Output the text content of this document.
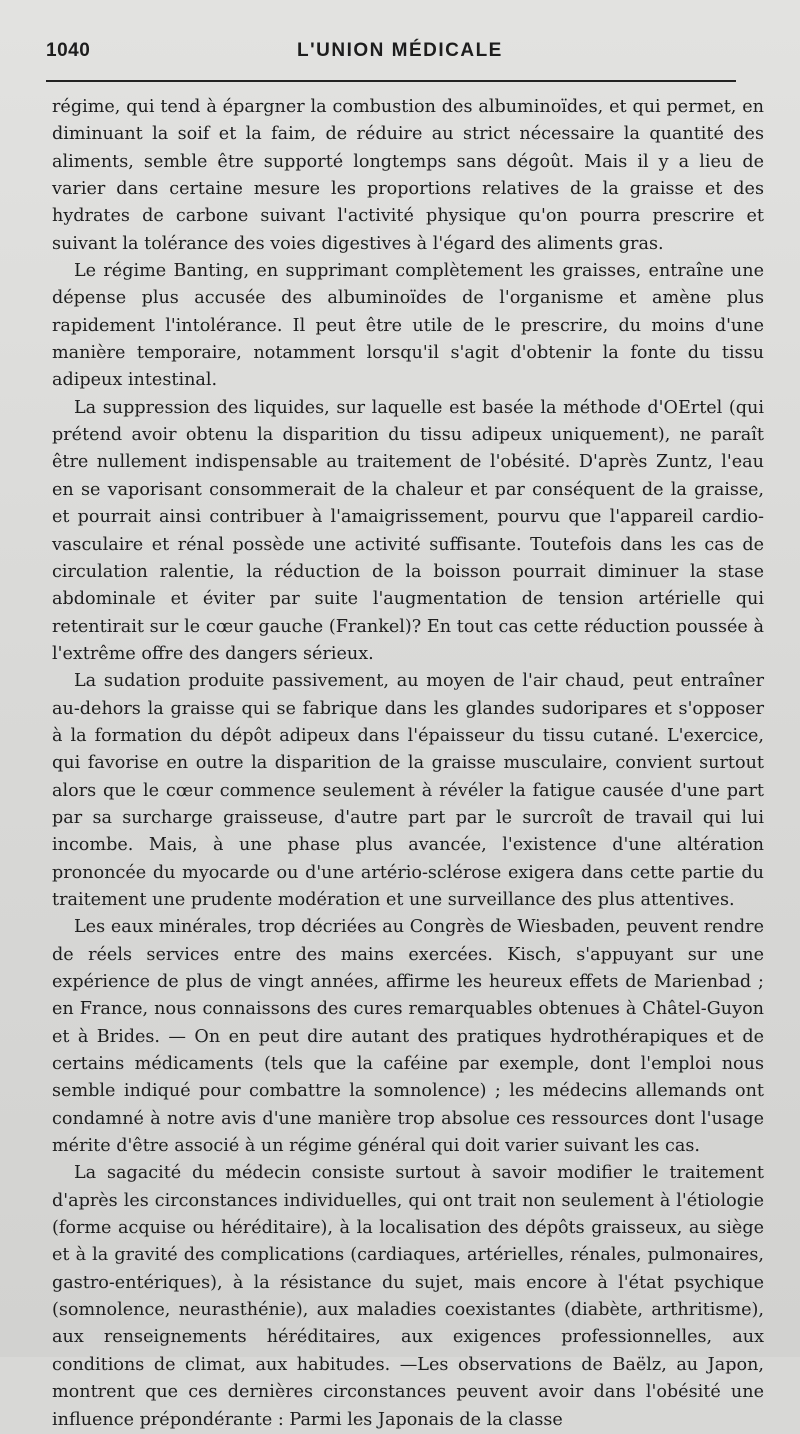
1040	L'UNION MÉDICALE

régime, qui tend à épargner la combustion des albuminoïdes, et qui permet, en diminuant la soif et la faim, de réduire au strict nécessaire la quantité des aliments, semble être supporté longtemps sans dégoût. Mais il y a lieu de varier dans certaine mesure les proportions relatives de la graisse et des hydrates de carbone suivant l'activité physique qu'on pourra prescrire et suivant la tolérance des voies digestives à l'égard des aliments gras.

Le régime Banting, en supprimant complètement les graisses, entraîne une dépense plus accusée des albuminoïdes de l'organisme et amène plus rapidement l'intolérance. Il peut être utile de le prescrire, du moins d'une manière temporaire, notamment lorsqu'il s'agit d'obtenir la fonte du tissu adipeux intestinal.

La suppression des liquides, sur laquelle est basée la méthode d'OErtel (qui prétend avoir obtenu la disparition du tissu adipeux uniquement), ne paraît être nullement indispensable au traitement de l'obésité. D'après Zuntz, l'eau en se vaporisant consommerait de la chaleur et par conséquent de la graisse, et pourrait ainsi contribuer à l'amaigrissement, pourvu que l'appareil cardio-vasculaire et rénal possède une activité suffisante. Toutefois dans les cas de circulation ralentie, la réduction de la boisson pourrait diminuer la stase abdominale et éviter par suite l'augmentation de tension artérielle qui retentirait sur le cœur gauche (Frankel)? En tout cas cette réduction poussée à l'extrême offre des dangers sérieux.

La sudation produite passivement, au moyen de l'air chaud, peut entraîner au-dehors la graisse qui se fabrique dans les glandes sudoripares et s'opposer à la formation du dépôt adipeux dans l'épaisseur du tissu cutané. L'exercice, qui favorise en outre la disparition de la graisse musculaire, convient surtout alors que le cœur commence seulement à révéler la fatigue causée d'une part par sa surcharge graisseuse, d'autre part par le surcroît de travail qui lui incombe. Mais, à une phase plus avancée, l'existence d'une altération prononcée du myocarde ou d'une artério-sclérose exigera dans cette partie du traitement une prudente modération et une surveillance des plus attentives.

Les eaux minérales, trop décriées au Congrès de Wiesbaden, peuvent rendre de réels services entre des mains exercées. Kisch, s'appuyant sur une expérience de plus de vingt années, affirme les heureux effets de Marienbad ; en France, nous connaissons des cures remarquables obtenues à Châtel-Guyon et à Brides. — On en peut dire autant des pratiques hydrothérapiques et de certains médicaments (tels que la caféine par exemple, dont l'emploi nous semble indiqué pour combattre la somnolence) ; les médecins allemands ont condamné à notre avis d'une manière trop absolue ces ressources dont l'usage mérite d'être associé à un régime général qui doit varier suivant les cas.

La sagacité du médecin consiste surtout à savoir modifier le traitement d'après les circonstances individuelles, qui ont trait non seulement à l'étiologie (forme acquise ou héréditaire), à la localisation des dépôts graisseux, au siège et à la gravité des complications (cardiaques, artérielles, rénales, pulmonaires, gastro-entériques), à la résistance du sujet, mais encore à l'état psychique (somnolence, neurasthénie), aux maladies coexistantes (diabète, arthritisme), aux renseignements héréditaires, aux exigences professionnelles, aux conditions de climat, aux habitudes. —Les observations de Baëlz, au Japon, montrent que ces dernières circonstances peuvent avoir dans l'obésité une influence prépondérante : Parmi les Japonais de la classe
